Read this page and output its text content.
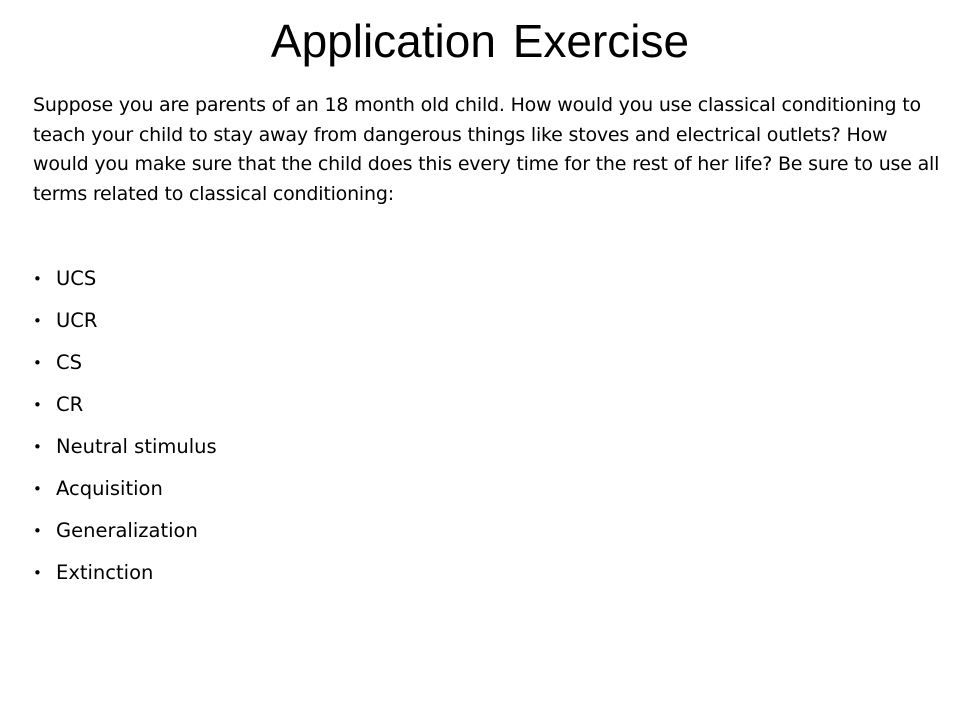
Application Exercise

Suppose you are parents of an 18 month old child. How would you use classical conditioning to teach your child to stay away from dangerous things like stoves and electrical outlets? How would you make sure that the child does this every time for the rest of her life? Be sure to use all terms related to classical conditioning:

• UCS
• UCR
• CS
• CR
• Neutral stimulus
• Acquisition
• Generalization
• Extinction
